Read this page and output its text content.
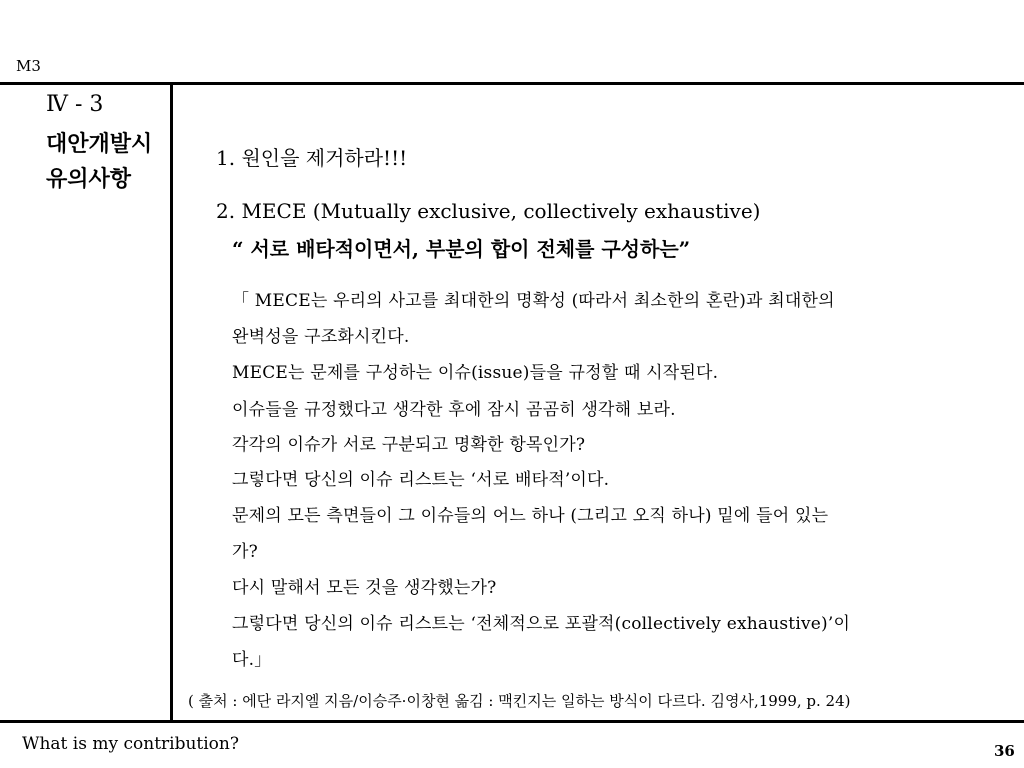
M3
Ⅳ - 3
대안개발시
유의사항
1. 원인을 제거하라!!!
2. MECE (Mutually exclusive, collectively exhaustive)
“ 서로 배타적이면서, 부분의 합이 전체를 구성하는”
「 MECE는 우리의 사고를 최대한의 명확성 (따라서 최소한의 혼란)과 최대한의
완벽성을 구조화시킨다.
MECE는 문제를 구성하는 이슈(issue)들을 규정할 때 시작된다.
이슈들을 규정했다고 생각한 후에 잠시 곰곰히 생각해 보라.
각각의 이슈가 서로 구분되고 명확한 항목인가?
그렇다면 당신의 이슈 리스트는 ‘서로 배타적’이다.
문제의 모든 측면들이 그 이슈들의 어느 하나 (그리고 오직 하나) 밑에 들어 있는
가?
다시 말해서 모든 것을 생각했는가?
그렇다면 당신의 이슈 리스트는 ‘전체적으로 포괄적(collectively exhaustive)’이
다.」
( 출처 : 에단 라지엘 지음/이승주·이창현 옮김 : 맥킨지는 일하는 방식이 다르다. 김영사,1999, p. 24)
What is my contribution?	36
